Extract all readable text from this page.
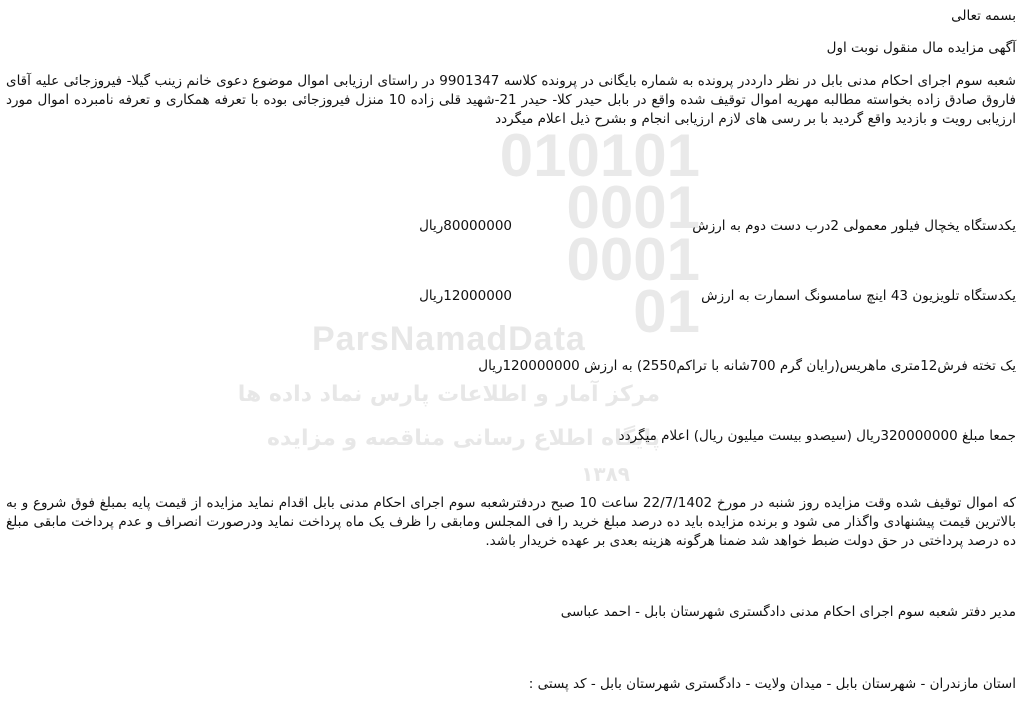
010101
0001
0001
01
ParsNamadData
مرکز آمار و اطلاعات پارس نماد داده ها
پایگاه اطلاع رسانی مناقصه و مزایده
۱۳۸۹
بسمه تعالی
آگهی مزایده مال منقول نوبت اول
شعبه سوم اجرای احکام مدنی بابل در نظر دارددر پرونده به شماره بایگانی در پرونده کلاسه 9901347 در راستای ارزیابی اموال موضوع دعوی خانم زینب گیلا- فیروزجائی علیه آقای فاروق صادق زاده بخواسته مطالبه مهریه اموال توقیف شده واقع در بابل حیدر کلا- حیدر 21-شهید قلی زاده 10 منزل فیروزجائی بوده با تعرفه همکاری و تعرفه نامبرده اموال مورد ارزیابی رویت و بازدید واقع گردید با بر رسی های لازم ارزیابی انجام و بشرح ذیل اعلام میگردد
یکدستگاه یخچال فیلور معمولی 2درب دست دوم به ارزش
80000000ریال
یکدستگاه تلویزیون 43 اینچ سامسونگ اسمارت به ارزش
12000000ریال
یک تخته فرش12متری ماهریس(رایان گرم 700شانه با تراکم2550) به ارزش 120000000ریال
جمعا مبلغ 320000000ریال (سیصدو بیست میلیون ریال) اعلام میگردد
که اموال توقیف شده وقت مزایده روز شنبه در مورخ 22/7/1402 ساعت 10 صبح دردفترشعبه سوم اجرای احکام مدنی بابل اقدام نماید مزایده از قیمت پایه بمبلغ فوق شروع و به بالاترین قیمت پیشنهادی واگذار می شود و برنده مزایده باید ده درصد مبلغ خرید را فی المجلس ومابقی را ظرف یک ماه پرداخت نماید ودرصورت انصراف و عدم پرداخت مابقی مبلغ ده درصد پرداختی در حق دولت ضبط خواهد شد ضمنا هرگونه هزینه بعدی بر عهده خریدار باشد.
مدیر دفتر شعبه سوم اجرای احکام مدنی دادگستری شهرستان بابل - احمد عباسی
استان مازندران - شهرستان بابل - میدان ولایت - دادگستری شهرستان بابل - کد پستی :
